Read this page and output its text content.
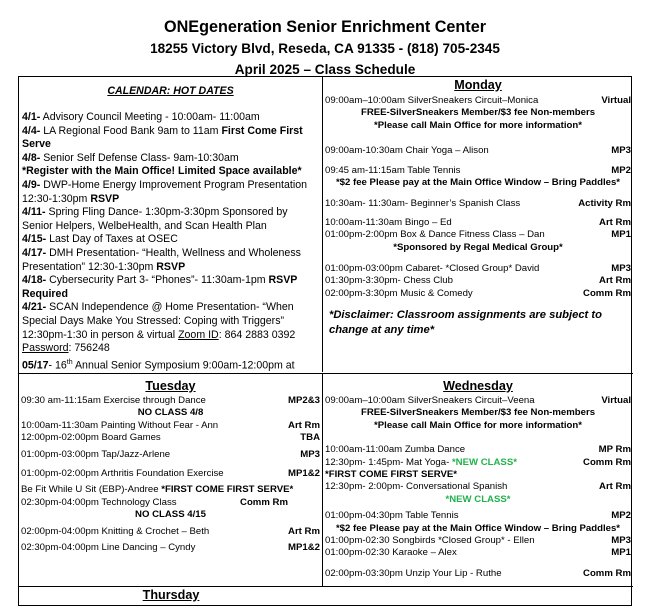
ONEgeneration Senior Enrichment Center
18255 Victory Blvd, Reseda, CA 91335 - (818) 705-2345
April 2025 – Class Schedule
CALENDAR: HOT DATES

4/1- Advisory Council Meeting - 10:00am- 11:00am

4/4- LA Regional Food Bank 9am to 11am First Come First Serve

4/8- Senior Self Defense Class- 9am-10:30am

*Register with the Main Office! Limited Space available*

4/9- DWP-Home Energy Improvement Program Presentation 12:30-1:30pm RSVP

4/11- Spring Fling Dance- 1:30pm-3:30pm Sponsored by Senior Helpers, WelbeHealth, and Scan Health Plan

4/15- Last Day of Taxes at OSEC

4/17- DMH Presentation- “Health, Wellness and Wholeness Presentation” 12:30-1:30pm RSVP

4/18- Cybersecurity Part 3- “Phones”- 11:30am-1pm RSVP Required

4/21- SCAN Independence @ Home Presentation- “When Special Days Make You Stressed: Coping with Triggers” 12:30pm-1:30 in person & virtual Zoom ID: 864 2883 0392 Password: 756248

05/17- 16th Annual Senior Symposium 9:00am-12:00pm at

Monday
09:00am–10:00am SilverSneakers Circuit–Monica	Virtual
FREE-SilverSneakers Member/$3 fee Non-members
*Please call Main Office for more information*
09:00am-10:30am Chair Yoga – Alison	MP3
09:45 am-11:15am Table Tennis	MP2
*$2 fee Please pay at the Main Office Window – Bring Paddles*
10:30am- 11:30am- Beginner’s Spanish Class	Activity Rm
10:00am-11:30am Bingo – Ed	Art Rm
01:00pm-2:00pm Box & Dance Fitness Class – Dan	MP1
*Sponsored by Regal Medical Group*
01:00pm-03:00pm Cabaret- *Closed Group* David	MP3
01:30pm-3:30pm- Chess Club	Art Rm
02:00pm-3:30pm Music & Comedy	Comm Rm
*Disclaimer: Classroom assignments are subject to change at any time*
Tuesday
09:30 am-11:15am Exercise through Dance	MP2&3
NO CLASS 4/8
10:00am-11:30am Painting Without Fear - Ann	Art Rm
12:00pm-02:00pm Board Games	TBA
01:00pm-03:00pm Tap/Jazz-Arlene	MP3
01:00pm-02:00pm Arthritis Foundation Exercise	MP1&2
Be Fit While U Sit (EBP)-Andree *FIRST COME FIRST SERVE*
02:30pm-04:00pm Technology Class	Comm Rm
NO CLASS 4/15
02:00pm-04:00pm Knitting & Crochet – Beth	Art Rm
02:30pm-04:00pm Line Dancing – Cyndy	MP1&2
Wednesday
09:00am–10:00am SilverSneakers Circuit–Veena	Virtual
FREE-SilverSneakers Member/$3 fee Non-members
*Please call Main Office for more information*
10:00am-11:00am Zumba Dance	MP Rm
12:30pm- 1:45pm- Mat Yoga- *NEW CLASS*	Comm Rm
*FIRST COME FIRST SERVE*
12:30pm- 2:00pm- Conversational Spanish	Art Rm
*NEW CLASS*
01:00pm-04:30pm Table Tennis	MP2
*$2 fee Please pay at the Main Office Window – Bring Paddles*
01:00pm-02:30 Songbirds *Closed Group* - Ellen	MP3
01:00pm-02:30 Karaoke – Alex	MP1
02:00pm-03:30pm Unzip Your Lip - Ruthe	Comm Rm
Thursday
